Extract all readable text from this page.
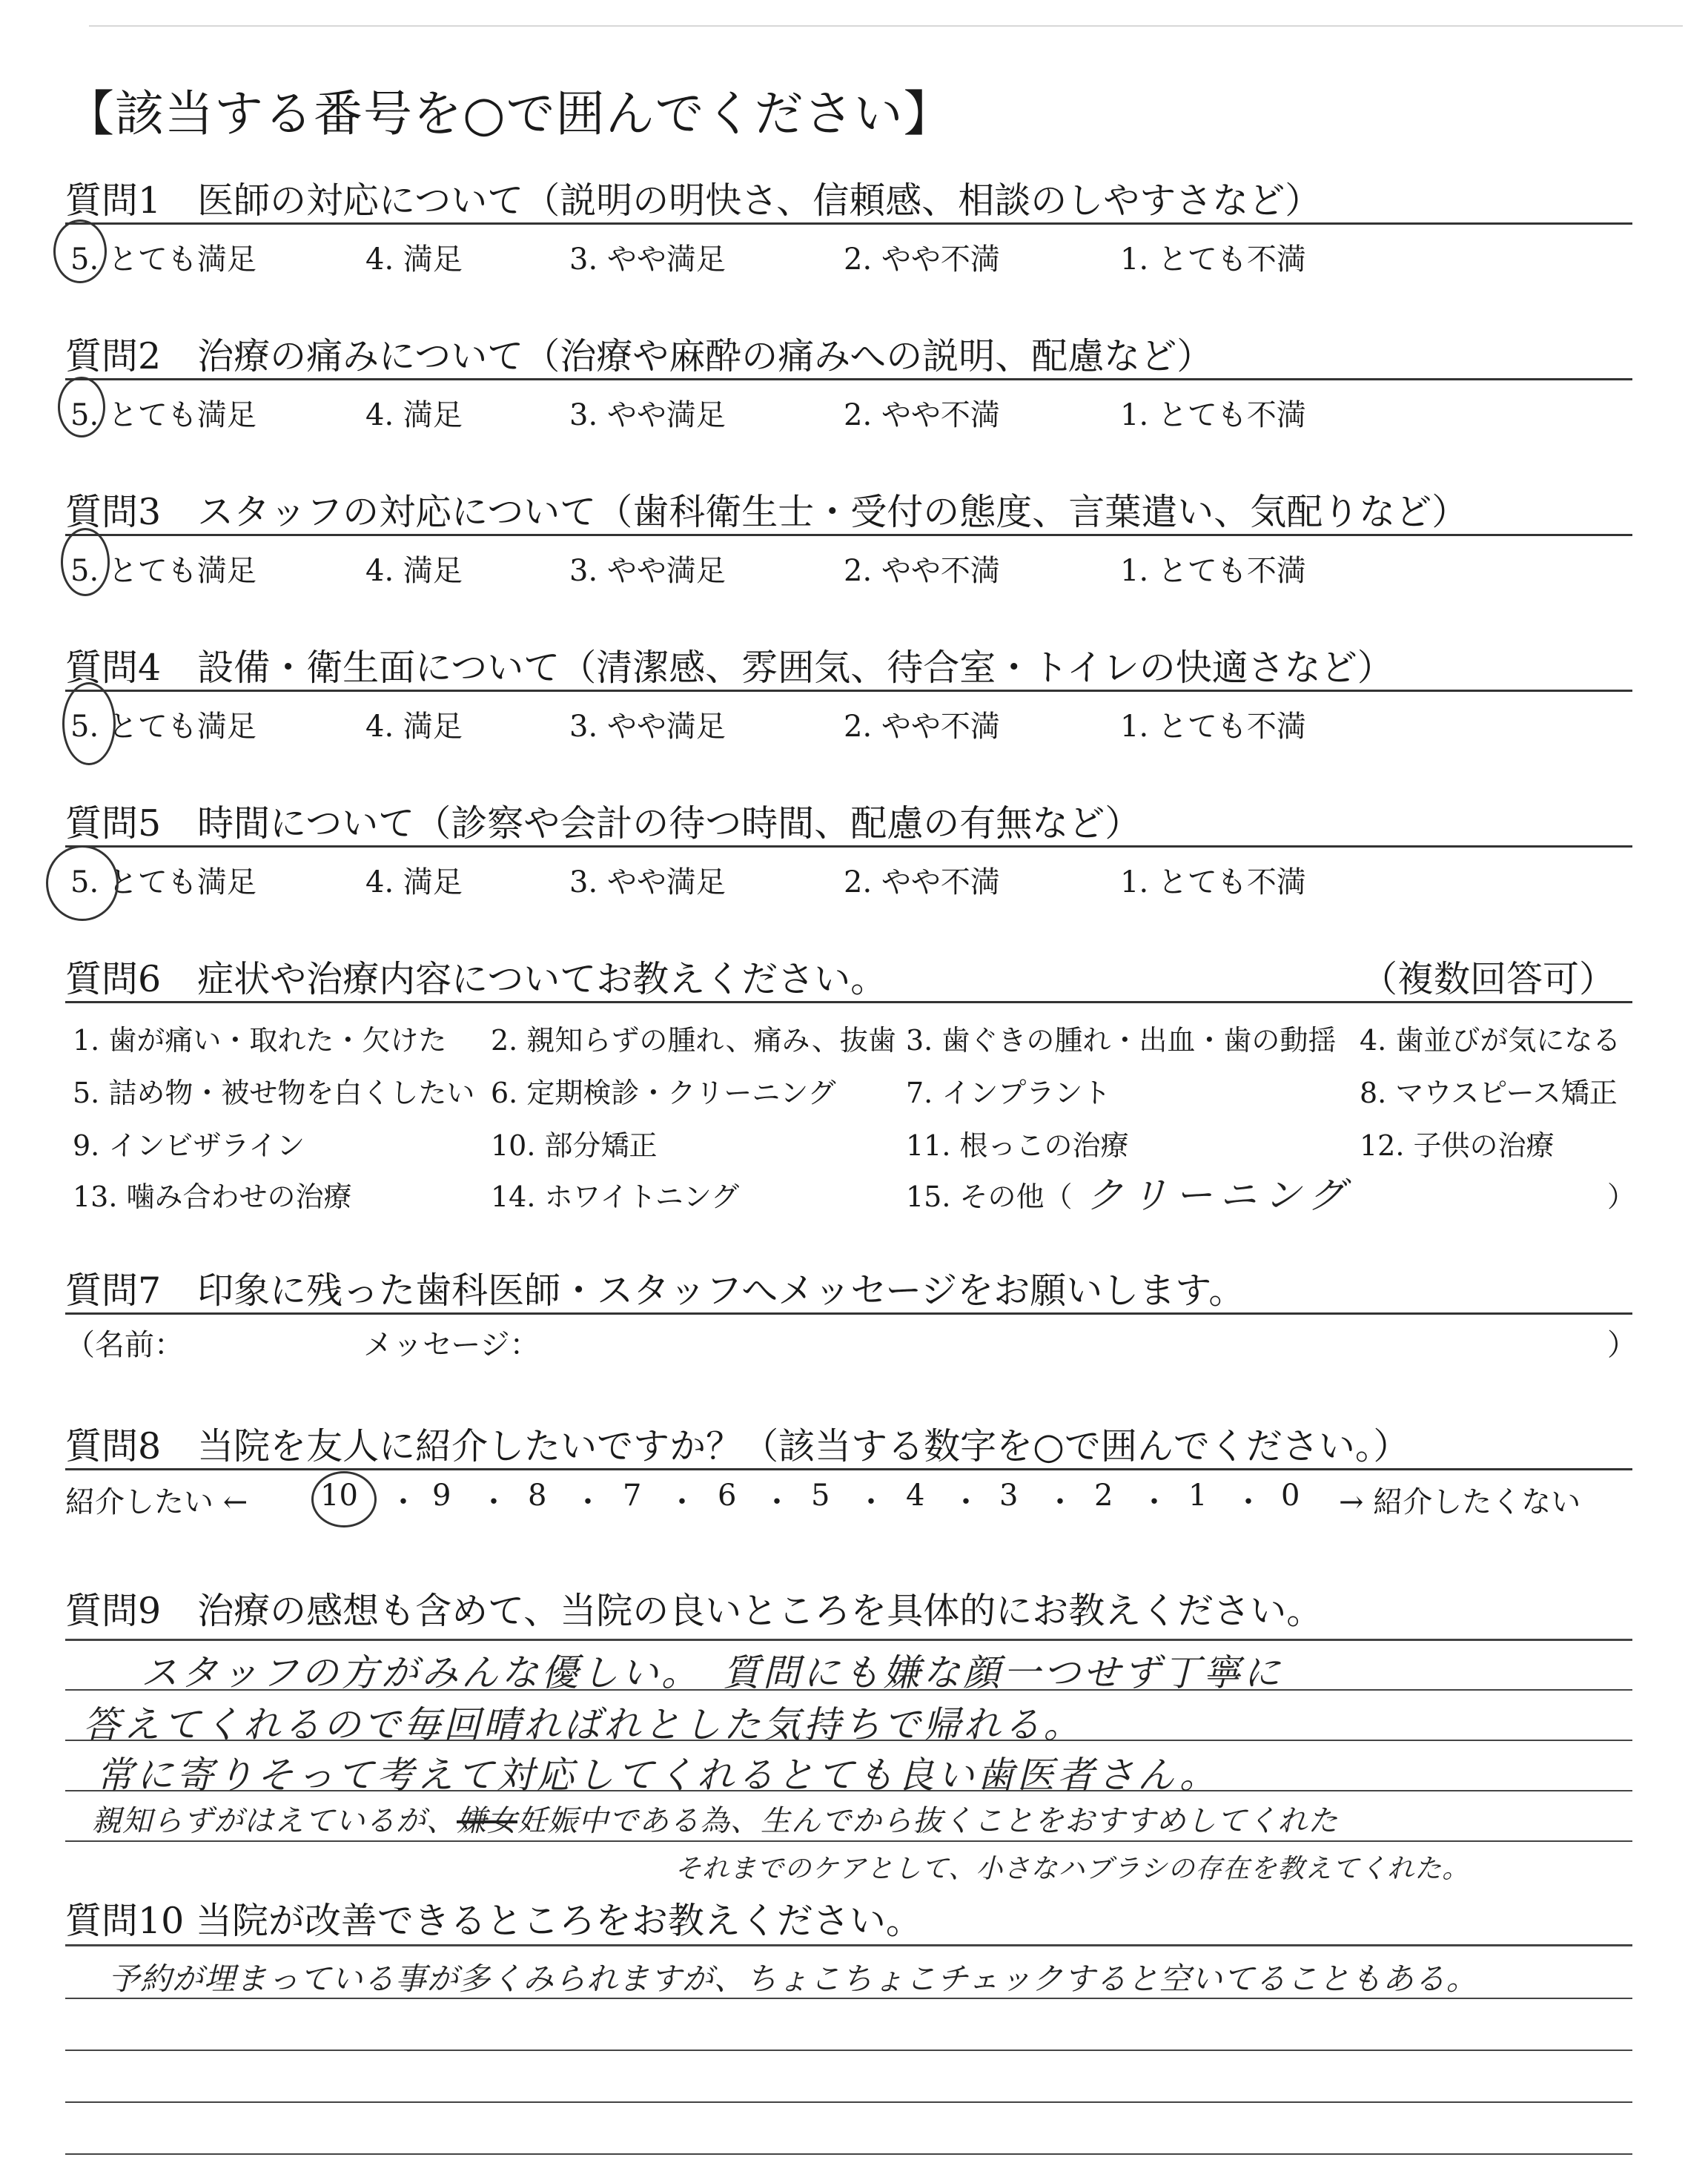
【該当する番号を○で囲んでください】
質問1　医師の対応について（説明の明快さ、信頼感、相談のしやすさなど）
5. とても満足	4. 満足	3. やや満足	2. やや不満	1. とても不満
質問2　治療の痛みについて（治療や麻酔の痛みへの説明、配慮など）
5. とても満足	4. 満足	3. やや満足	2. やや不満	1. とても不満
質問3　スタッフの対応について（歯科衛生士・受付の態度、言葉遣い、気配りなど）
5. とても満足	4. 満足	3. やや満足	2. やや不満	1. とても不満
質問4　設備・衛生面について（清潔感、雰囲気、待合室・トイレの快適さなど）
5. とても満足	4. 満足	3. やや満足	2. やや不満	1. とても不満
質問5　時間について（診察や会計の待つ時間、配慮の有無など）
5. とても満足	4. 満足	3. やや満足	2. やや不満	1. とても不満
質問6　症状や治療内容についてお教えください。	（複数回答可）
1. 歯が痛い・取れた・欠けた 2. 親知らずの腫れ、痛み、抜歯 3. 歯ぐきの腫れ・出血・歯の動揺 4. 歯並びが気になる
5. 詰め物・被せ物を白くしたい 6. 定期検診・クリーニング 7. インプラント	8. マウスピース矯正
9. インビザライン	10. 部分矯正	11. 根っこの治療	12. 子供の治療
13. 噛み合わせの治療	14. ホワイトニング	15. その他（ クリーニング	）
質問7　印象に残った歯科医師・スタッフへメッセージをお願いします。
（名前：	メッセージ：	）
質問8　当院を友人に紹介したいですか？（該当する数字を○で囲んでください。）
紹介したい ← 10 ・ 9 ・ 8 ・ 7 ・ 6 ・ 5 ・ 4 ・ 3 ・ 2 ・ 1 ・ 0 → 紹介したくない
質問9　治療の感想も含めて、当院の良いところを具体的にお教えください。
スタッフの方がみんな優しい。　質問にも嫌な顔一つせず丁寧に
答えてくれるので毎回晴ればれとした気持ちで帰れる。
常に寄りそって考えて対応してくれるとても良い歯医者さん。
親知らずがはえているが、嫌女妊娠中である為、生んでから抜くことをおすすめしてくれた
それまでのケアとして、小さなハブラシの存在を教えてくれた。
質問10 当院が改善できるところをお教えください。
予約が埋まっている事が多くみられますが、ちょこちょこチェックすると空いてることもある。
